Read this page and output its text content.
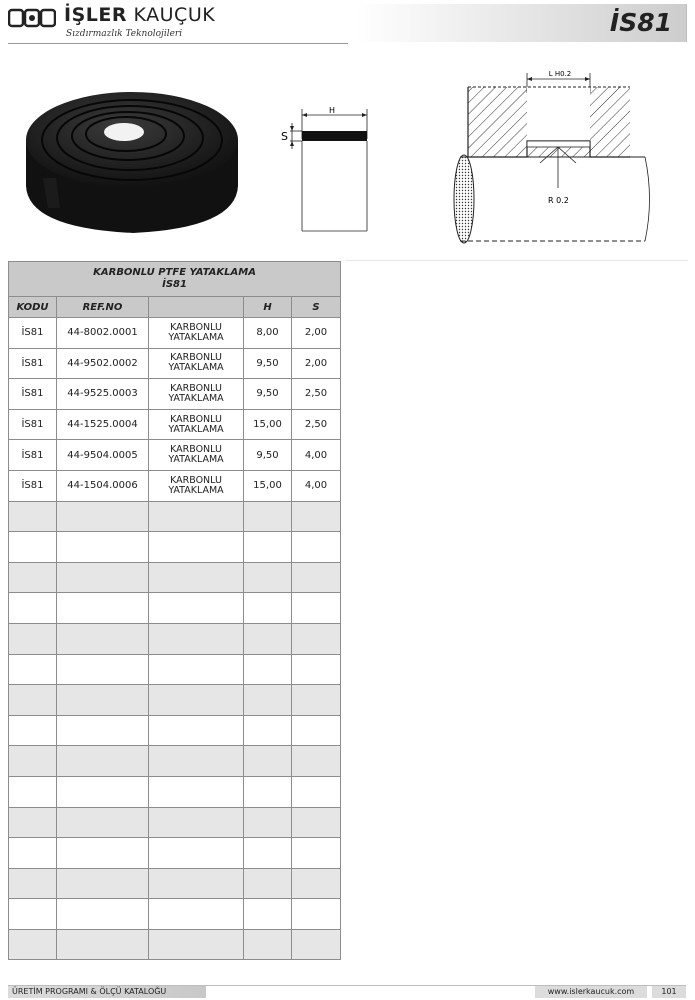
İŞLER KAUÇUK
Sızdırmazlık Teknolojileri	İS81
H
S
L H0.2
R 0.2
KARBONLU PTFE YATAKLAMA
İS81				

KODU	REF.NO		H	S
İS81	44-8002.0001	KARBONLU
YATAKLAMA	8,00	2,00
İS81	44-9502.0002	KARBONLU
YATAKLAMA	9,50	2,00
İS81	44-9525.0003	KARBONLU
YATAKLAMA	9,50	2,50
İS81	44-1525.0004	KARBONLU
YATAKLAMA	15,00	2,50
İS81	44-9504.0005	KARBONLU
YATAKLAMA	9,50	4,00
İS81	44-1504.0006	KARBONLU
YATAKLAMA	15,00	4,00

ÜRETİM PROGRAMI & ÖLÇÜ KATALOĞU	www.islerkaucuk.com	101
